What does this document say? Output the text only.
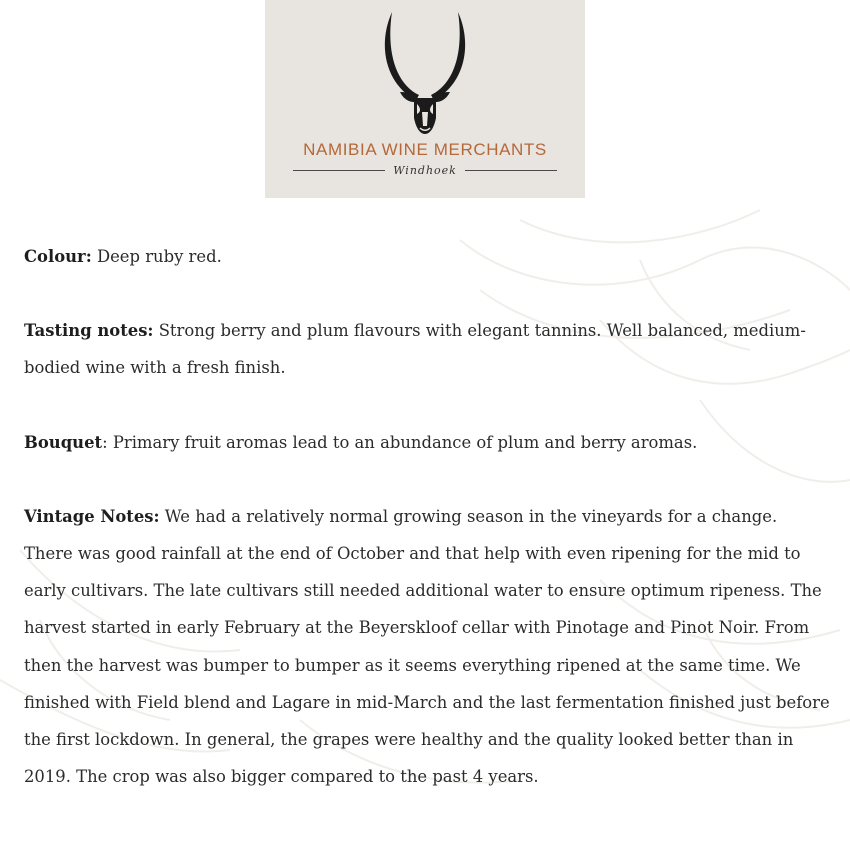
NAMIBIA WINE MERCHANTS
Windhoek

Colour: Deep ruby red.

Tasting notes: Strong berry and plum flavours with elegant tannins. Well balanced, medium-bodied wine with a fresh finish.

Bouquet: Primary fruit aromas lead to an abundance of plum and berry aromas.

Vintage Notes: We had a relatively normal growing season in the vineyards for a change. There was good rainfall at the end of October and that help with even ripening for the mid to early cultivars. The late cultivars still needed additional water to ensure optimum ripeness. The harvest started in early February at the Beyerskloof cellar with Pinotage and Pinot Noir. From then the harvest was bumper to bumper as it seems everything ripened at the same time. We finished with Field blend and Lagare in mid-March and the last fermentation finished just before the first lockdown. In general, the grapes were healthy and the quality looked better than in 2019. The crop was also bigger compared to the past 4 years.
